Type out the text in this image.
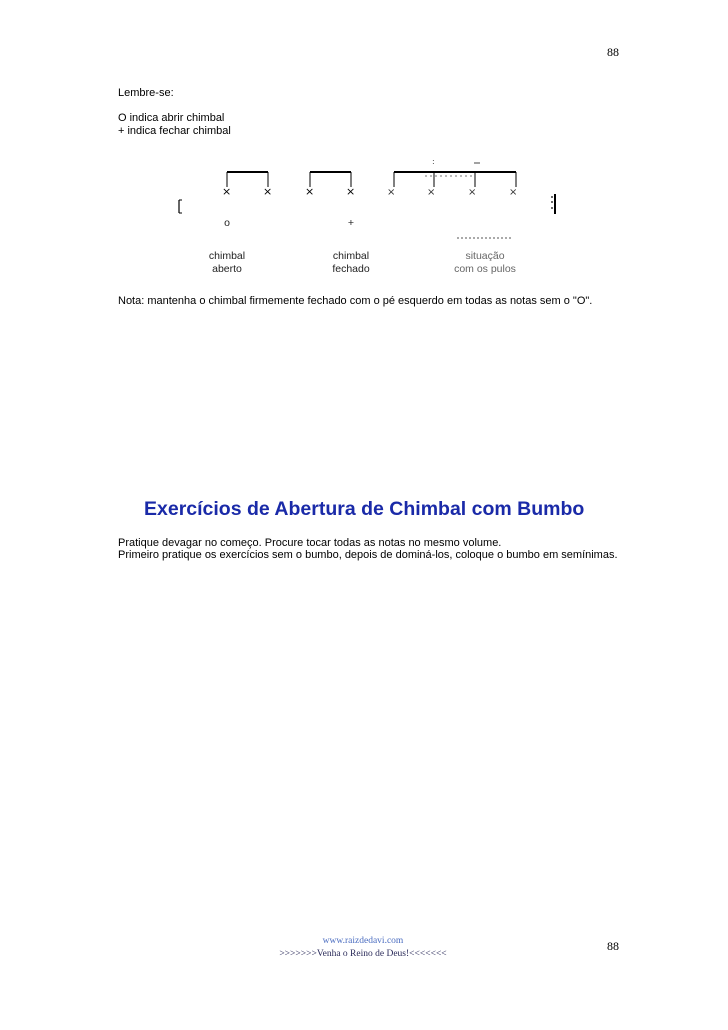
88
Lembre-se:
O indica abrir chimbal
+ indica fechar chimbal
×	×	×	×
:
×	×	×	×
o	+
chimbal
aberto
chimbal
fechado
situação
com os pulos
Nota: mantenha o chimbal firmemente fechado com o pé esquerdo em todas as notas sem o "O".
Exercícios de Abertura de Chimbal com Bumbo
Pratique devagar no começo. Procure tocar todas as notas no mesmo volume.
Primeiro pratique os exercícios sem o bumbo, depois de dominá-los, coloque o bumbo em semínimas.
www.raizdedavi.com
>>>>>>>Venha o Reino de Deus!<<<<<<<
88
